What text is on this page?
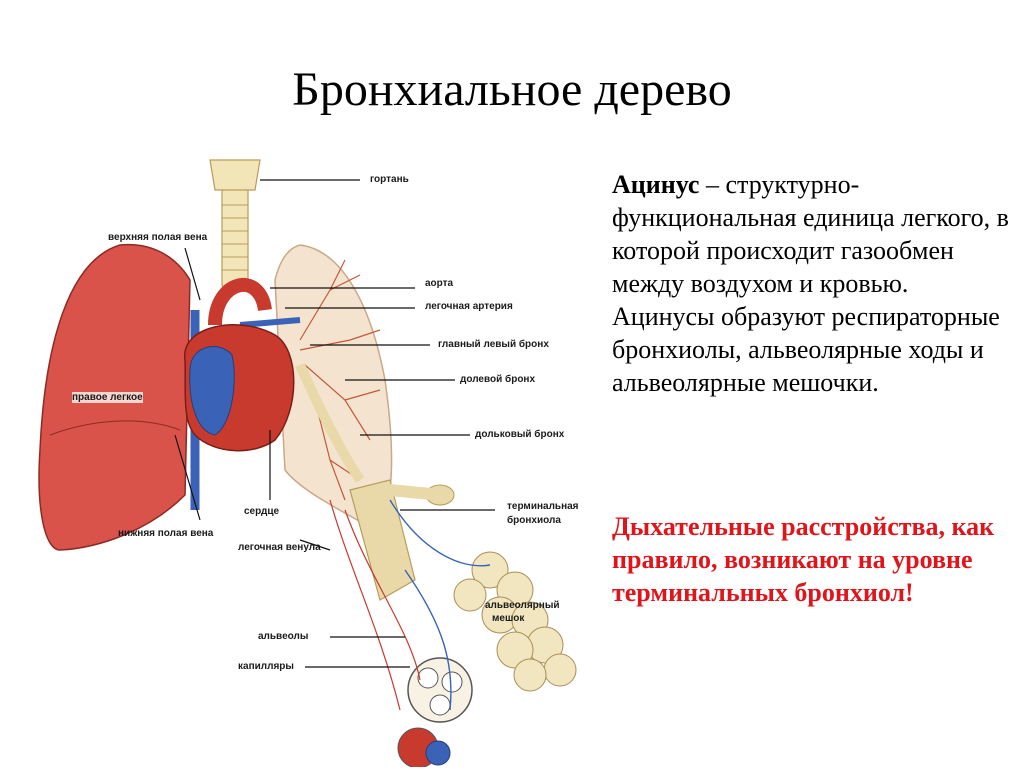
Бронхиальное дерево
гортань
верхняя полая вена
аорта
легочная артерия
главный левый бронх
долевой бронх
правое легкое
дольковый бронх
сердце	терминальная
бронхиола
нижняя полая вена
легочная венула
альвеолярный
мешок
альвеолы
капилляры

Ацинус – структурно-функциональная единица легкого, в которой происходит газообмен между воздухом и кровью. Ацинусы образуют респираторные бронхиолы, альвеолярные ходы и альвеолярные мешочки.

Дыхательные расстройства, как правило, возникают на уровне терминальных бронхиол!
